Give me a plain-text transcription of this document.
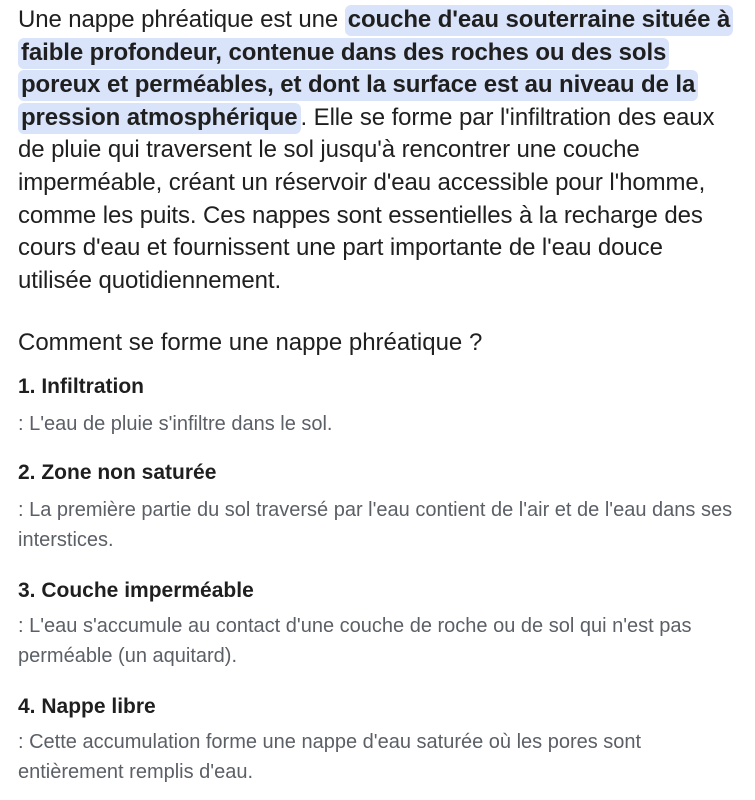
Une nappe phréatique est une couche d'eau souterraine située à faible profondeur, contenue dans des roches ou des sols poreux et perméables, et dont la surface est au niveau de la pression atmosphérique . Elle se forme par l'infiltration des eaux de pluie qui traversent le sol jusqu'à rencontrer une couche imperméable, créant un réservoir d'eau accessible pour l'homme, comme les puits. Ces nappes sont essentielles à la recharge des cours d'eau et fournissent une part importante de l'eau douce utilisée quotidiennement.

Comment se forme une nappe phréatique ?

1. Infiltration

: L'eau de pluie s'infiltre dans le sol.

2. Zone non saturée

: La première partie du sol traversé par l'eau contient de l'air et de l'eau dans ses interstices.

3. Couche imperméable

: L'eau s'accumule au contact d'une couche de roche ou de sol qui n'est pas perméable (un aquitard).

4. Nappe libre

: Cette accumulation forme une nappe d'eau saturée où les pores sont entièrement remplis d'eau.
